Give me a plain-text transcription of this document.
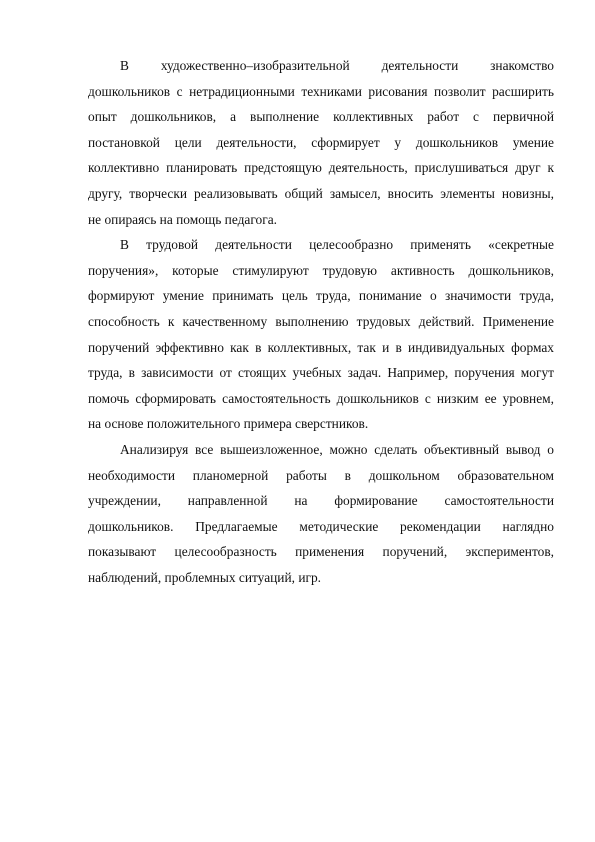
В художественно–изобразительной деятельности знакомство
дошкольников с нетрадиционными техниками рисования позволит расширить
опыт дошкольников, а выполнение коллективных работ с первичной
постановкой цели деятельности, сформирует у дошкольников умение
коллективно планировать предстоящую деятельность, прислушиваться друг к
другу, творчески реализовывать общий замысел, вносить элементы новизны,
не опираясь на помощь педагога.
В трудовой деятельности целесообразно применять «секретные
поручения», которые стимулируют трудовую активность дошкольников,
формируют умение принимать цель труда, понимание о значимости труда,
способность к качественному выполнению трудовых действий. Применение
поручений эффективно как в коллективных, так и в индивидуальных формах
труда, в зависимости от стоящих учебных задач. Например, поручения могут
помочь сформировать самостоятельность дошкольников с низким ее уровнем,
на основе положительного примера сверстников.
Анализируя все вышеизложенное, можно сделать объективный вывод о
необходимости планомерной работы в дошкольном образовательном
учреждении, направленной на формирование самостоятельности
дошкольников. Предлагаемые методические рекомендации наглядно
показывают целесообразность применения поручений, экспериментов,
наблюдений, проблемных ситуаций, игр.
